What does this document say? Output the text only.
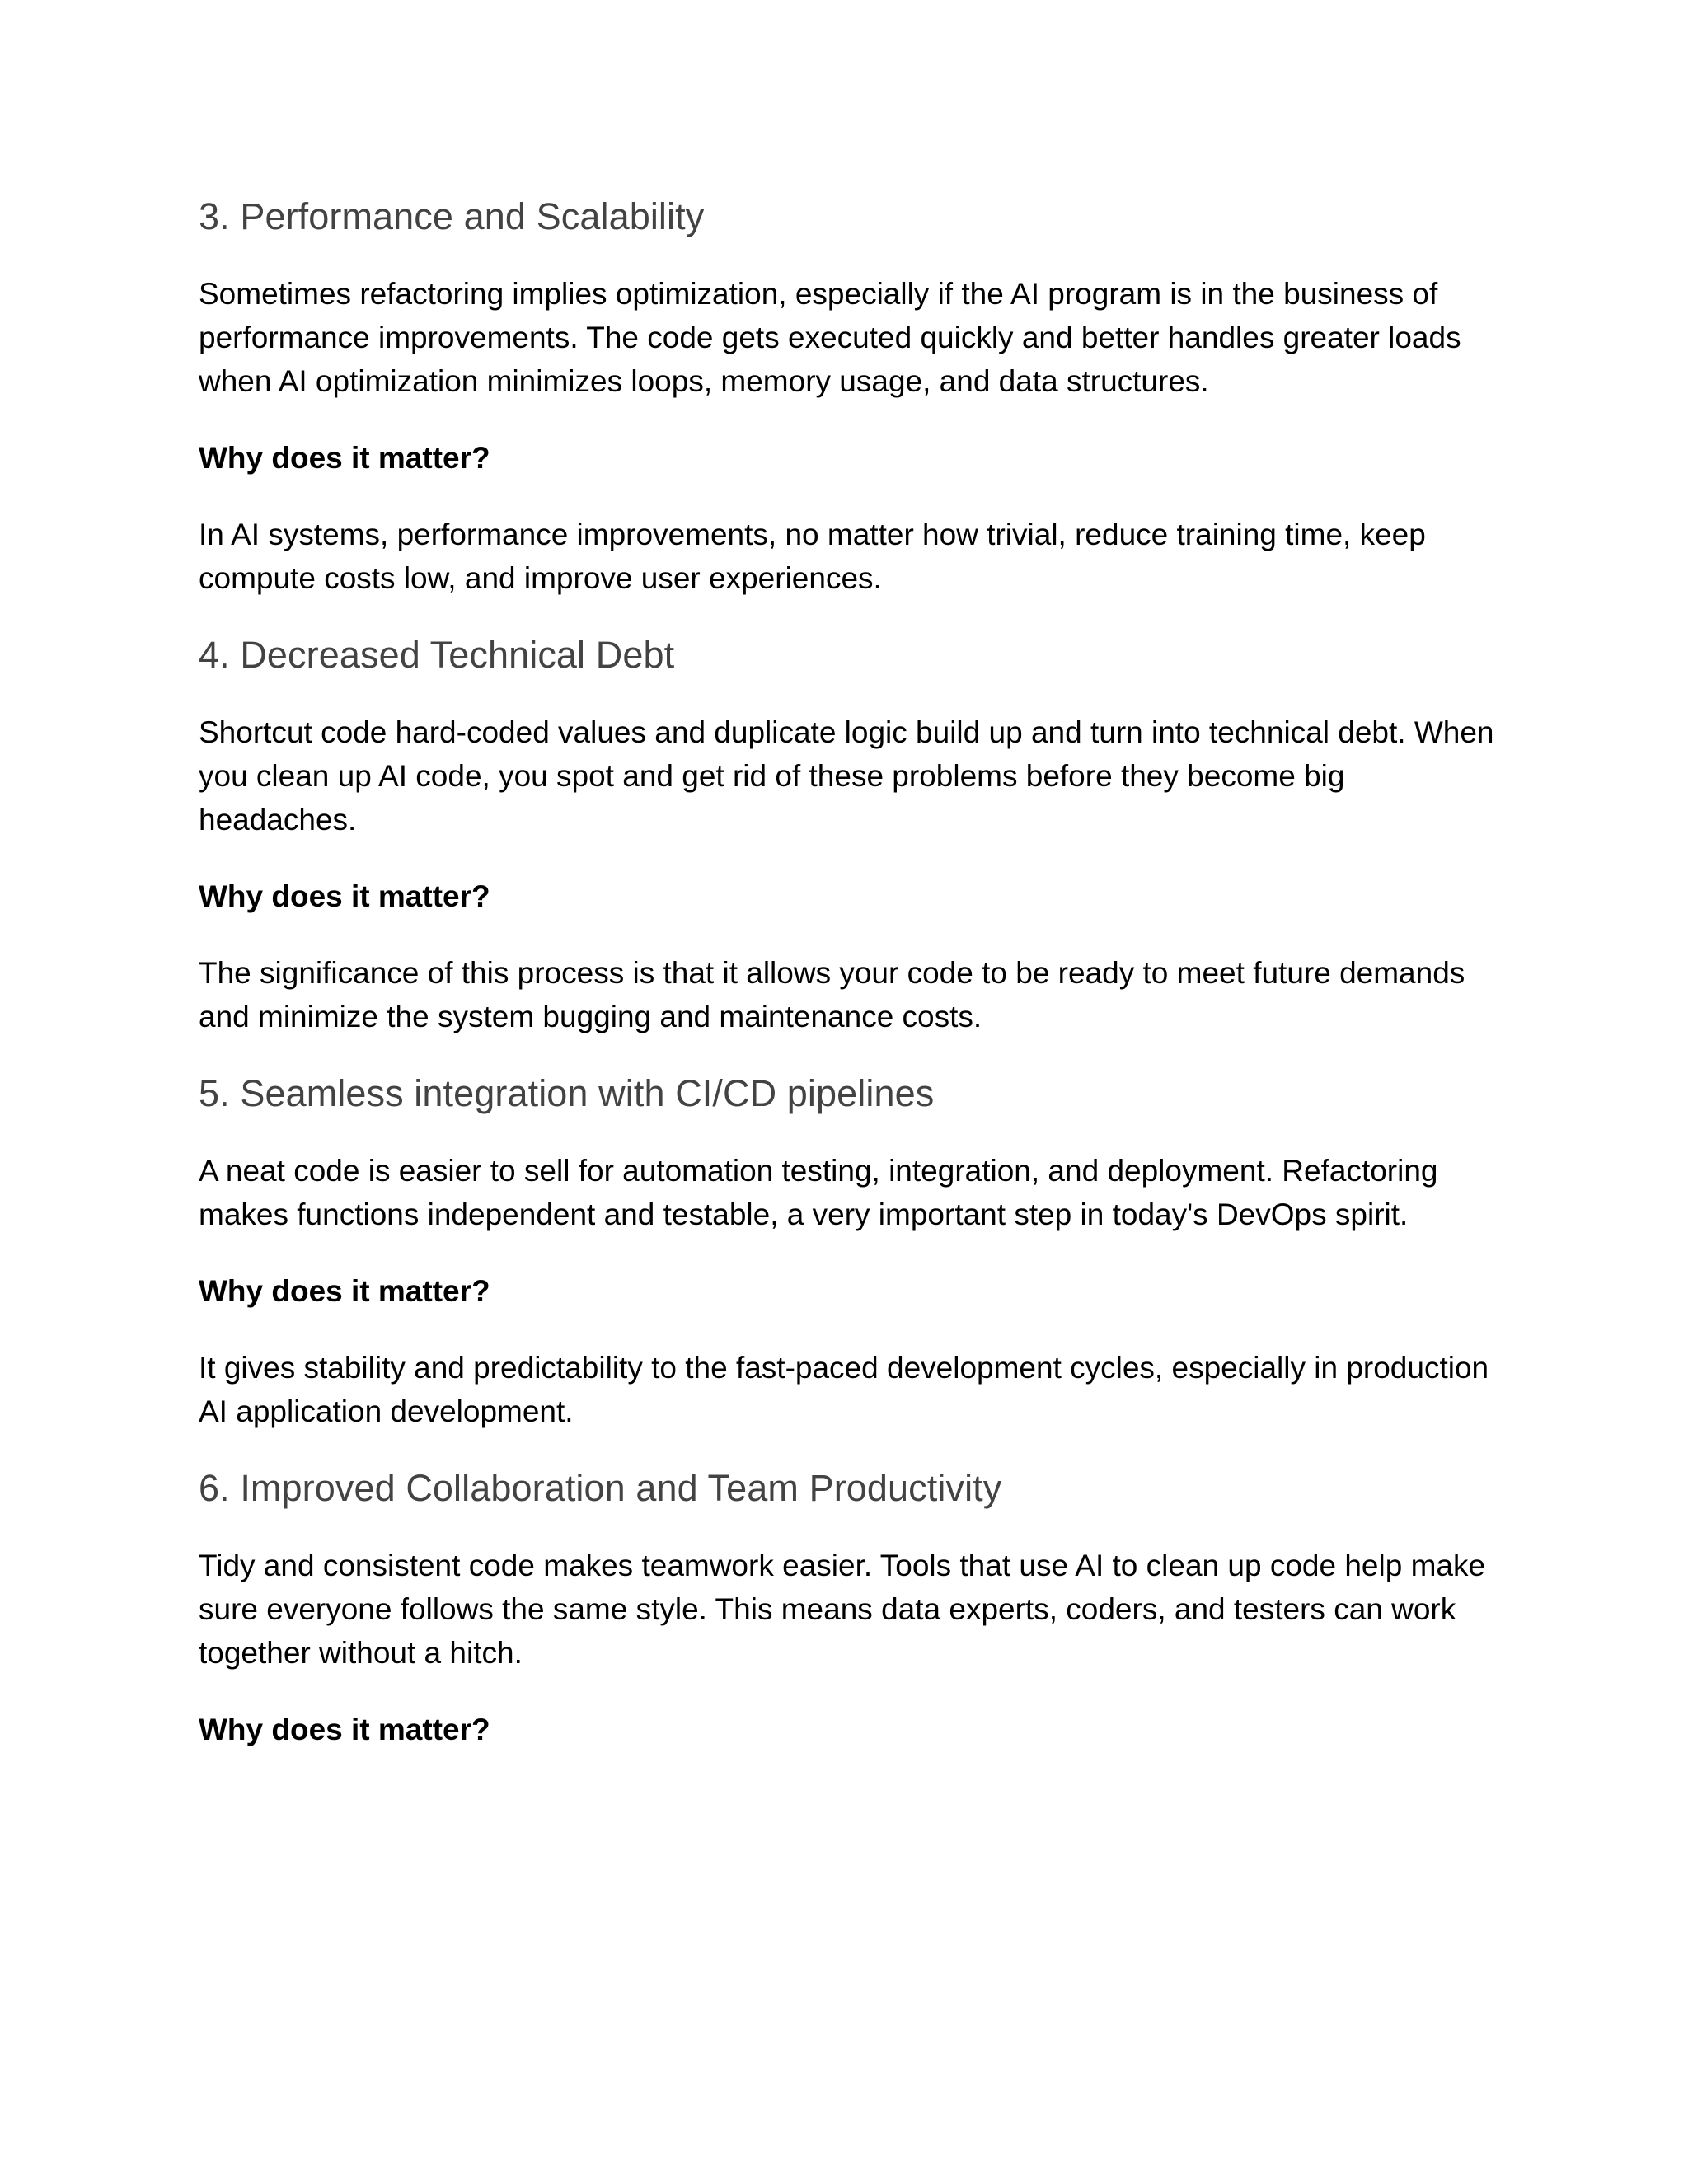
3. Performance and Scalability

Sometimes refactoring implies optimization, especially if the AI program is in the business of performance improvements. The code gets executed quickly and better handles greater loads when AI optimization minimizes loops, memory usage, and data structures.

Why does it matter?

In AI systems, performance improvements, no matter how trivial, reduce training time, keep compute costs low, and improve user experiences.

4. Decreased Technical Debt

Shortcut code hard-coded values and duplicate logic build up and turn into technical debt. When you clean up AI code, you spot and get rid of these problems before they become big headaches.

Why does it matter?

The significance of this process is that it allows your code to be ready to meet future demands and minimize the system bugging and maintenance costs.

5. Seamless integration with CI/CD pipelines

A neat code is easier to sell for automation testing, integration, and deployment. Refactoring makes functions independent and testable, a very important step in today's DevOps spirit.

Why does it matter?

It gives stability and predictability to the fast-paced development cycles, especially in production AI application development.

6. Improved Collaboration and Team Productivity

Tidy and consistent code makes teamwork easier. Tools that use AI to clean up code help make sure everyone follows the same style. This means data experts, coders, and testers can work together without a hitch.

Why does it matter?
